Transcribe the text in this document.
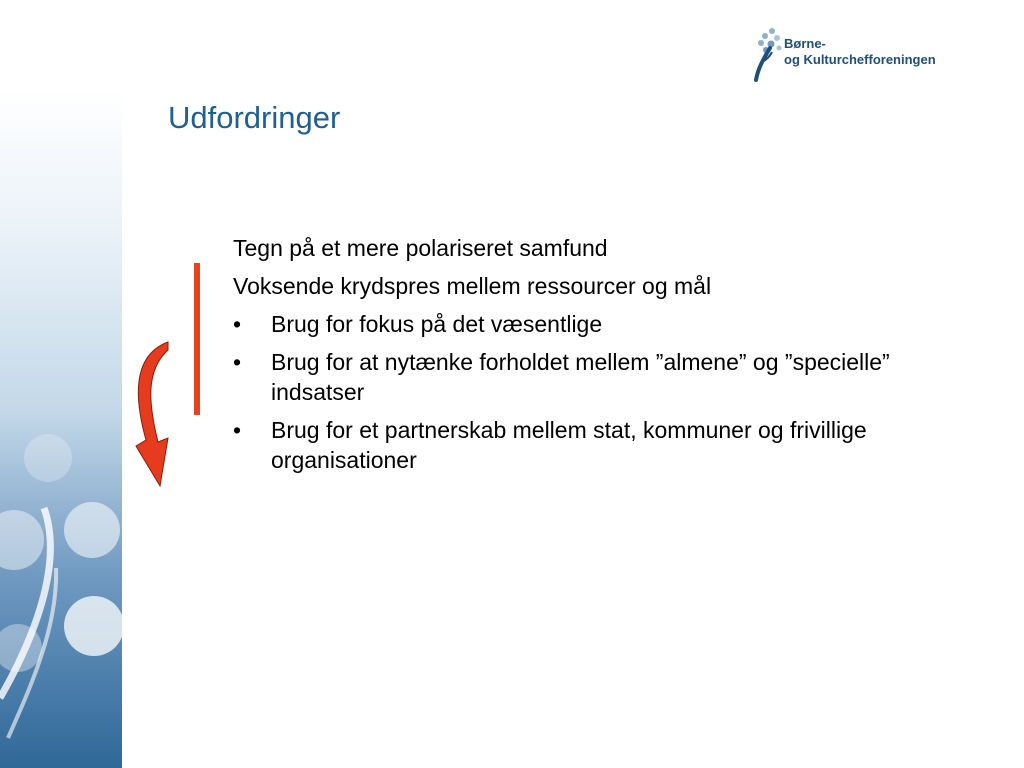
Børne-
og Kulturchefforeningen
Udfordringer

Tegn på et mere polariseret samfund

Voksende krydspres mellem ressourcer og mål

• Brug for fokus på det væsentlige
• Brug for at nytænke forholdet mellem ”almene” og ”specielle” indsatser
• Brug for et partnerskab mellem stat, kommuner og frivillige organisationer
